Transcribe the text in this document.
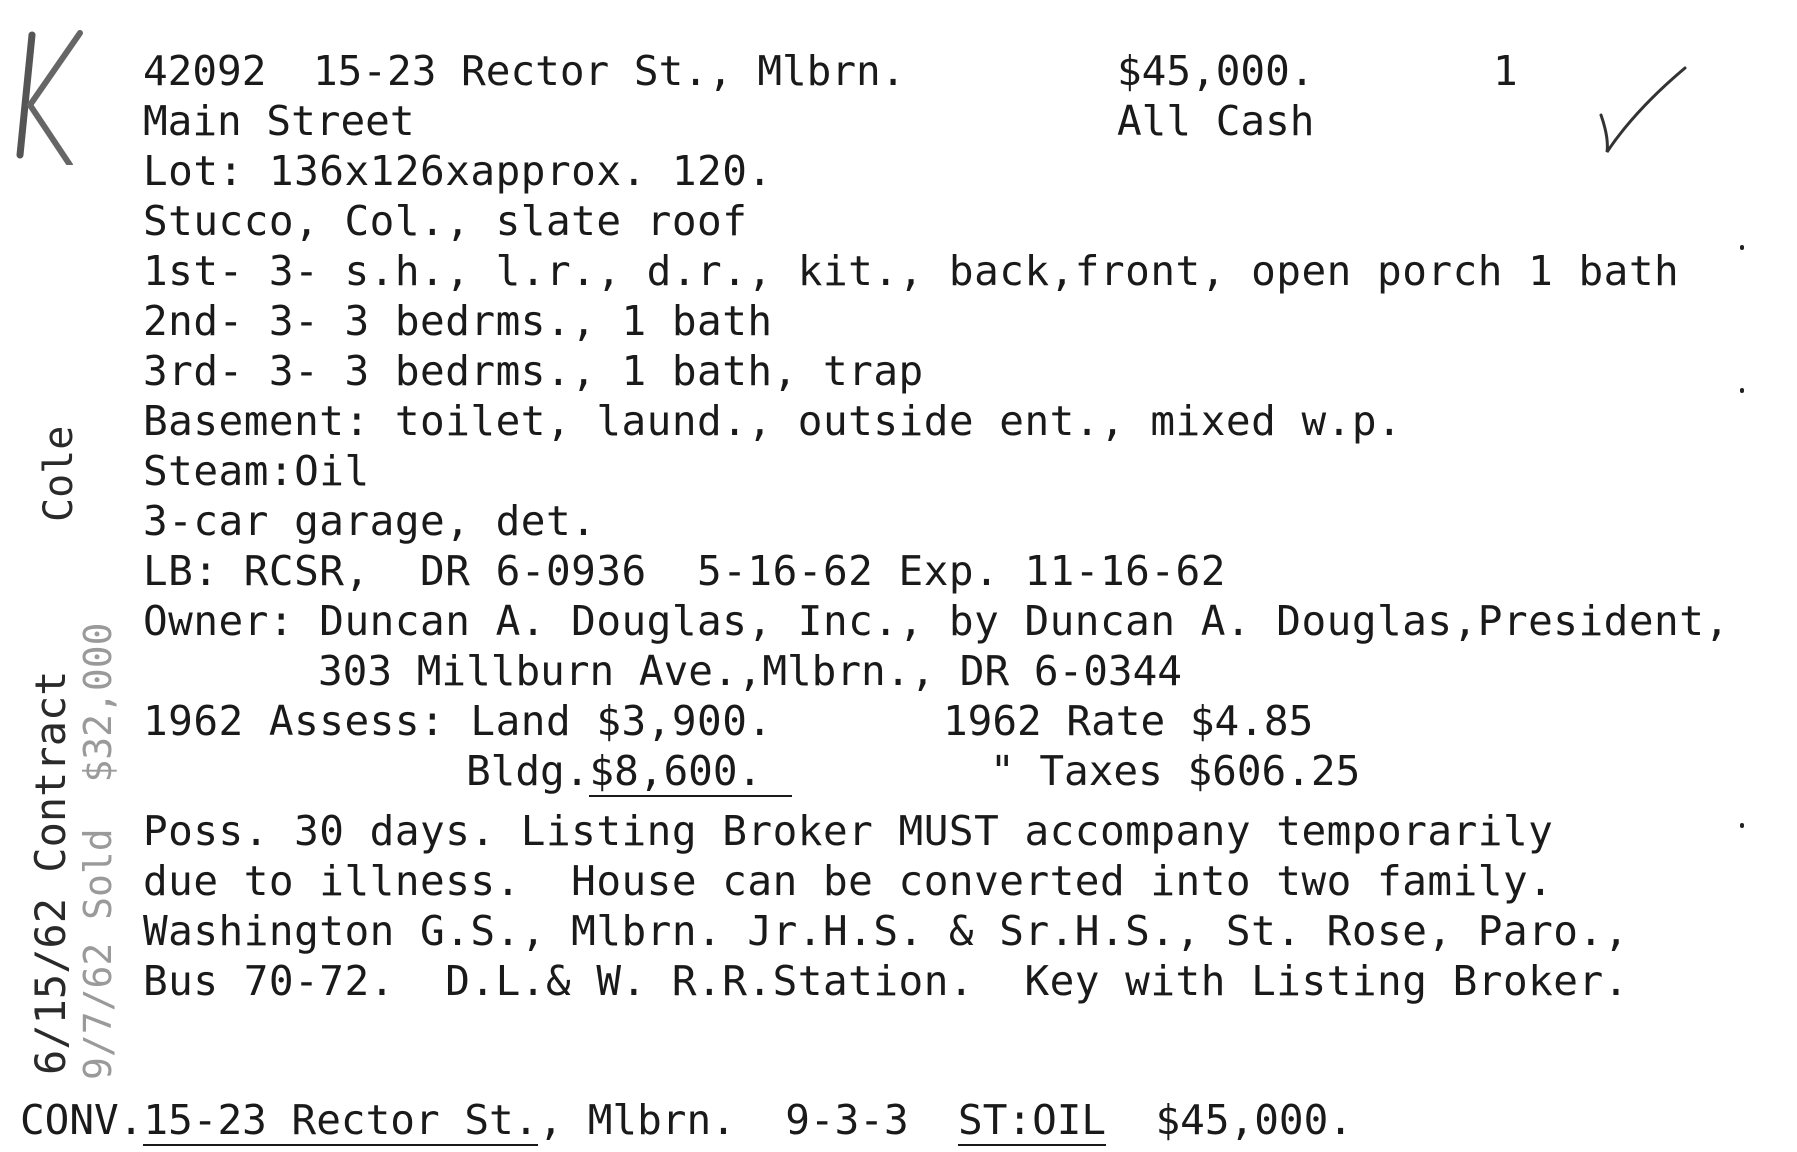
42092 15-23 Rector St., Mlbrn.	$45,000.	1
Main Street	All Cash
Lot: 136x126xapprox. 120.
Stucco, Col., slate roof
1st- 3- s.h., l.r., d.r., kit., back,front, open porch 1 bath
2nd- 3- 3 bedrms., 1 bath
3rd- 3- 3 bedrms., 1 bath, trap
Basement: toilet, laund., outside ent., mixed w.p.
Steam:Oil
3-car garage, det.
LB: RCSR,  DR 6-0936  5-16-62 Exp. 11-16-62
Owner: Duncan A. Douglas, Inc., by Duncan A. Douglas,President,
303 Millburn Ave.,Mlbrn., DR 6-0344
1962 Assess: Land $3,900.	1962 Rate $4.85
Bldg.$8,600.	" Taxes $606.25
Poss. 30 days. Listing Broker MUST accompany temporarily
due to illness.  House can be converted into two family.
Washington G.S., Mlbrn. Jr.H.S. & Sr.H.S., St. Rose, Paro.,
Bus 70-72.  D.L.& W. R.R.Station.  Key with Listing Broker.
CONV.15-23 Rector St., Mlbrn.  9-3-3  ST:OIL  $45,000.
Cole
6/15/62 Contract 9/7/62 Sold  $32,000
